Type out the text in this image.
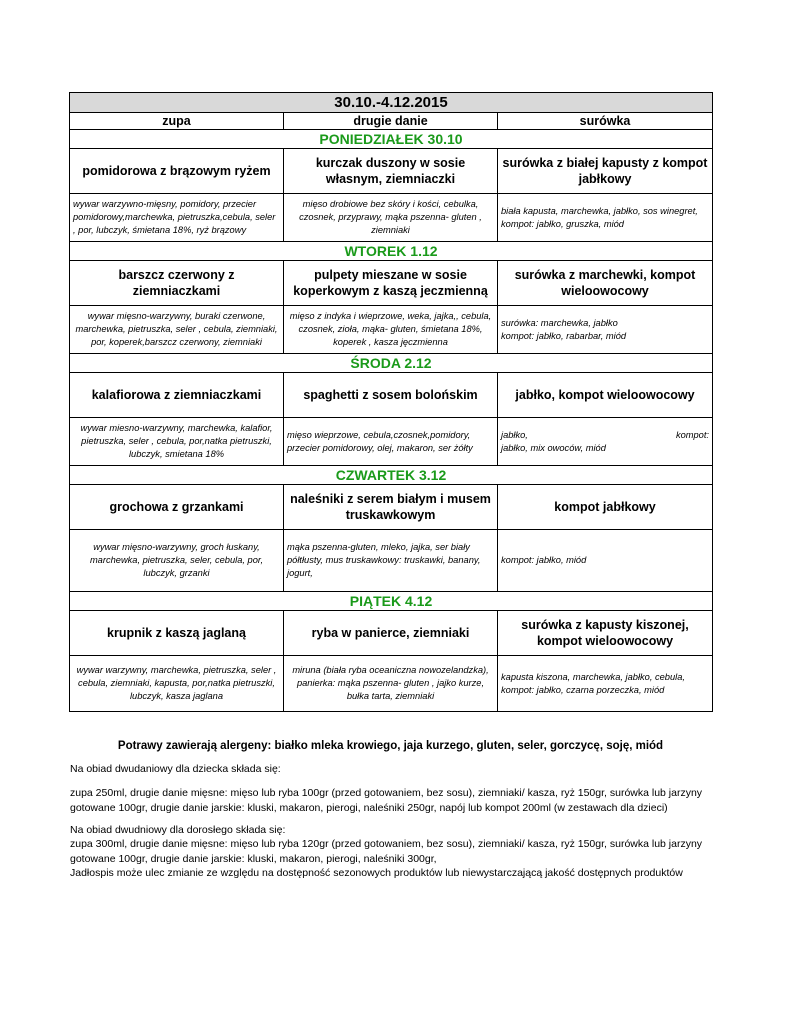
30.10.-4.12.2015		
zupa	drugie danie	surówka
PONIEDZIAŁEK 30.10		
pomidorowa z brązowym ryżem	kurczak duszony w sosie własnym, ziemniaczki	surówka z białej kapusty z kompot jabłkowy
wywar warzywno-mięsny, pomidory, przecier pomidorowy,marchewka, pietruszka,cebula, seler , por, lubczyk, śmietana 18%, ryż brązowy	mięso drobiowe bez skóry i kości, cebulka, czosnek, przyprawy, mąka pszenna- gluten , ziemniaki	biała kapusta, marchewka, jabłko, sos winegret, kompot: jabłko, gruszka, miód
WTOREK 1.12		
barszcz czerwony z ziemniaczkami	pulpety mieszane w sosie koperkowym z kaszą jeczmienną	surówka z marchewki, kompot wieloowocowy
wywar mięsno-warzywny, buraki czerwone, marchewka, pietruszka, seler , cebula, ziemniaki, por, koperek,barszcz czerwony, ziemniaki	mięso z indyka i wieprzowe, weka, jajka,, cebula, czosnek, zioła, mąka- gluten, śmietana 18%, koperek , kasza jęczmienna	surówka: marchewka, jabłko
kompot: jabłko, rabarbar, miód
ŚRODA 2.12		
kalafiorowa z ziemniaczkami	spaghetti z sosem bolońskim	jabłko, kompot wieloowocowy
wywar miesno-warzywny, marchewka, kalafior, pietruszka, seler , cebula, por,natka pietruszki, lubczyk, smietana 18%	mięso wieprzowe, cebula,czosnek,pomidory, przecier pomidorowy, olej, makaron, ser żółty	jabłko, kompot:
jabłko, mix owoców, miód

CZWARTEK 3.12		
grochowa z grzankami	naleśniki z serem białym i musem truskawkowym	kompot jabłkowy
wywar mięsno-warzywny, groch łuskany, marchewka, pietruszka, seler, cebula, por, lubczyk, grzanki	mąka pszenna-gluten, mleko, jajka, ser biały półtłusty, mus truskawkowy: truskawki, banany, jogurt,	kompot: jabłko, miód
PIĄTEK 4.12		
krupnik z kaszą jaglaną	ryba w panierce, ziemniaki	surówka z kapusty kiszonej, kompot wieloowocowy
wywar warzywny, marchewka, pietruszka, seler , cebula, ziemniaki, kapusta, por,natka pietruszki, lubczyk, kasza jaglana	miruna (biała ryba oceaniczna nowozelandzka), panierka: mąka pszenna- gluten , jajko kurze, bułka tarta, ziemniaki	kapusta kiszona, marchewka, jabłko, cebula, kompot: jabłko, czarna porzeczka, miód
Potrawy zawierają alergeny: białko mleka krowiego, jaja kurzego, gluten, seler, gorczycę, soję, miód
Na obiad dwudaniowy dla dziecka składa się:
zupa 250ml, drugie danie mięsne: mięso lub ryba 100gr (przed gotowaniem, bez sosu), ziemniaki/ kasza, ryż 150gr, surówka lub jarzyny gotowane 100gr, drugie danie jarskie: kluski, makaron, pierogi, naleśniki 250gr, napój lub kompot 200ml (w zestawach dla dzieci)
Na obiad dwudniowy dla dorosłego składa się:
zupa 300ml, drugie danie mięsne: mięso lub ryba 120gr (przed gotowaniem, bez sosu), ziemniaki/ kasza, ryż 150gr, surówka lub jarzyny gotowane 100gr, drugie danie jarskie: kluski, makaron, pierogi, naleśniki 300gr,
Jadłospis może ulec zmianie ze względu na dostępność sezonowych produktów lub niewystarczającą jakość dostępnych produktów
